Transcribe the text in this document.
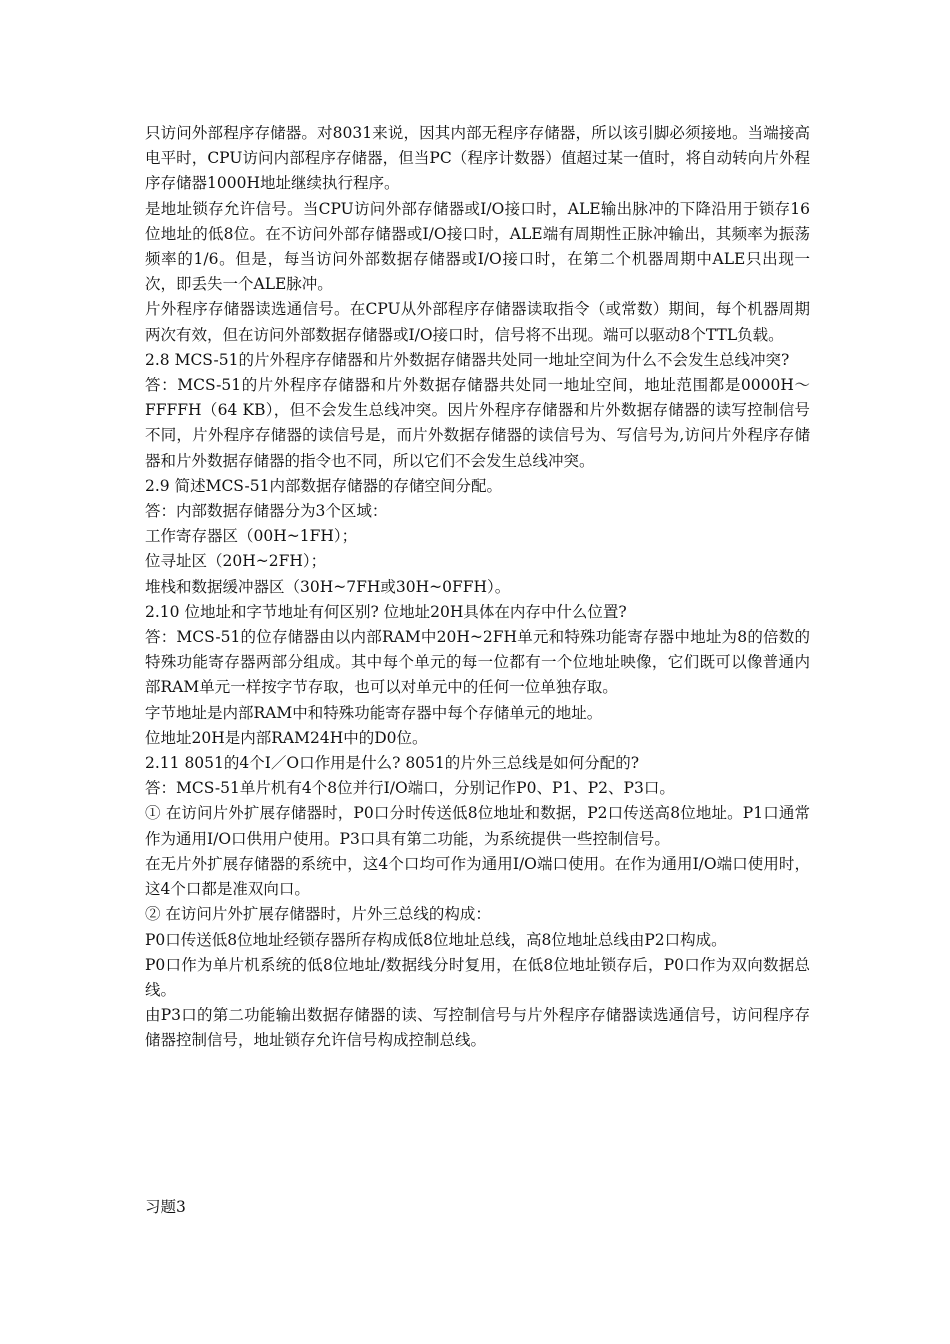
只访问外部程序存储器。对8031来说，因其内部无程序存储器，所以该引脚必须接地。当端接高电平时，CPU访问内部程序存储器，但当PC（程序计数器）值超过某一值时，将自动转向片外程序存储器1000H地址继续执行程序。

是地址锁存允许信号。当CPU访问外部存储器或I/O接口时，ALE输出脉冲的下降沿用于锁存16位地址的低8位。在不访问外部存储器或I/O接口时，ALE端有周期性正脉冲输出，其频率为振荡频率的1/6。但是，每当访问外部数据存储器或I/O接口时，在第二个机器周期中ALE只出现一次，即丢失一个ALE脉冲。

片外程序存储器读选通信号。在CPU从外部程序存储器读取指令（或常数）期间，每个机器周期两次有效，但在访问外部数据存储器或I/O接口时，信号将不出现。端可以驱动8个TTL负载。

2.8 MCS-51的片外程序存储器和片外数据存储器共处同一地址空间为什么不会发生总线冲突?

答：MCS-51的片外程序存储器和片外数据存储器共处同一地址空间，地址范围都是0000H～FFFFH（64 KB），但不会发生总线冲突。因片外程序存储器和片外数据存储器的读写控制信号不同，片外程序存储器的读信号是，而片外数据存储器的读信号为、写信号为,访问片外程序存储器和片外数据存储器的指令也不同，所以它们不会发生总线冲突。

2.9 简述MCS-51内部数据存储器的存储空间分配。

答：内部数据存储器分为3个区域：

工作寄存器区（00H~1FH）；

位寻址区（20H~2FH）；

堆栈和数据缓冲器区（30H~7FH或30H~0FFH）。

2.10 位地址和字节地址有何区别? 位地址20H具体在内存中什么位置?

答：MCS-51的位存储器由以内部RAM中20H~2FH单元和特殊功能寄存器中地址为8的倍数的特殊功能寄存器两部分组成。其中每个单元的每一位都有一个位地址映像，它们既可以像普通内部RAM单元一样按字节存取，也可以对单元中的任何一位单独存取。

字节地址是内部RAM中和特殊功能寄存器中每个存储单元的地址。

位地址20H是内部RAM24H中的D0位。

2.11 8051的4个I／O口作用是什么? 8051的片外三总线是如何分配的?

答：MCS-51单片机有4个8位并行I/O端口，分别记作P0、P1、P2、P3口。

① 在访问片外扩展存储器时，P0口分时传送低8位地址和数据，P2口传送高8位地址。P1口通常作为通用I/O口供用户使用。P3口具有第二功能，为系统提供一些控制信号。

在无片外扩展存储器的系统中，这4个口均可作为通用I/O端口使用。在作为通用I/O端口使用时，这4个口都是准双向口。

② 在访问片外扩展存储器时，片外三总线的构成：

P0口传送低8位地址经锁存器所存构成低8位地址总线，高8位地址总线由P2口构成。

P0口作为单片机系统的低8位地址/数据线分时复用，在低8位地址锁存后，P0口作为双向数据总线。

由P3口的第二功能输出数据存储器的读、写控制信号与片外程序存储器读选通信号，访问程序存储器控制信号，地址锁存允许信号构成控制总线。

习题3
